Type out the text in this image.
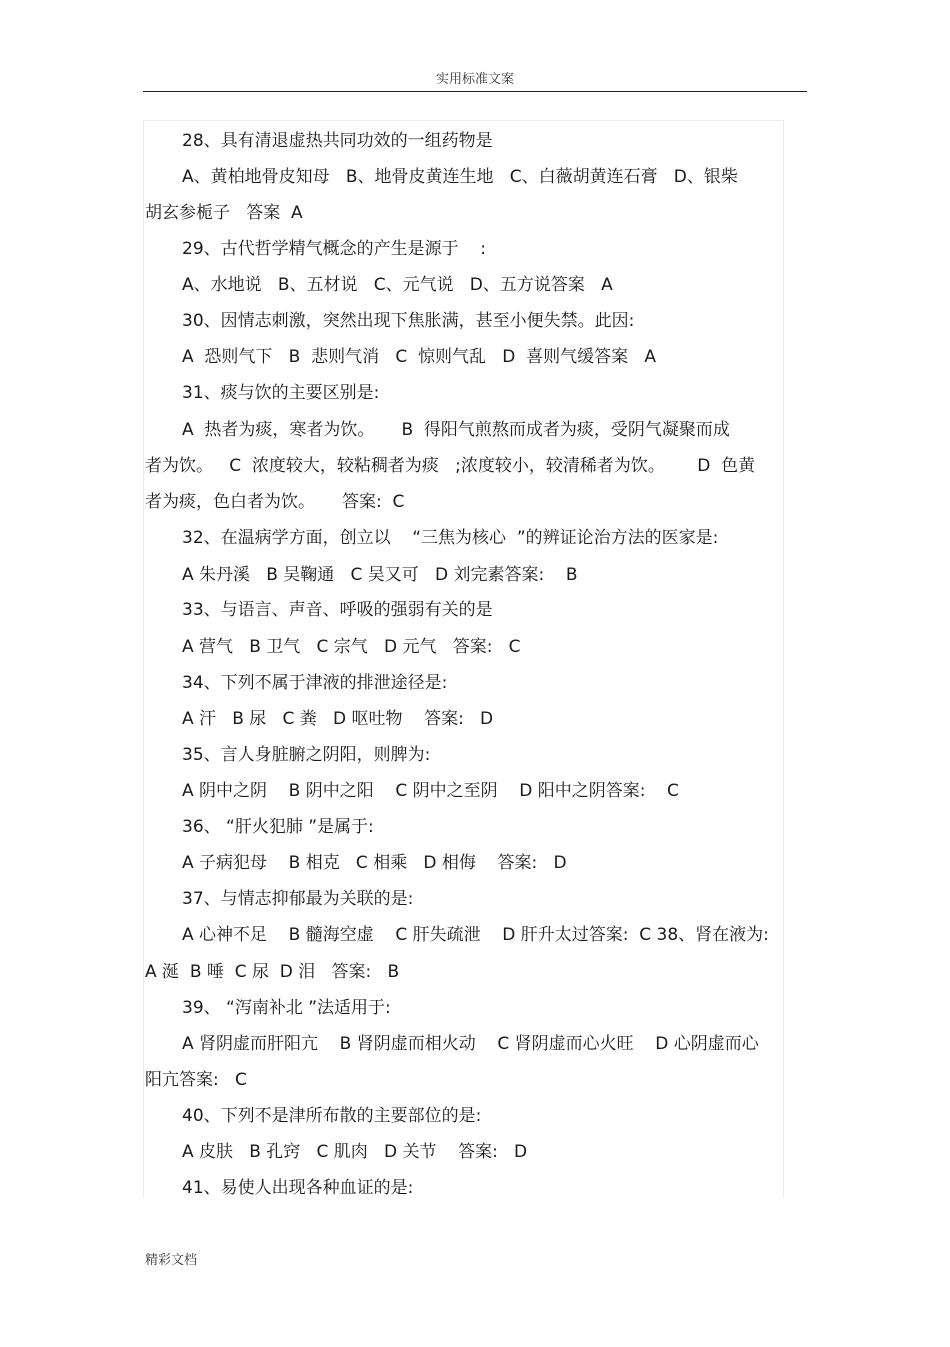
实用标准文案
28、具有清退虚热共同功效的一组药物是
A、黄柏地骨皮知母   B、地骨皮黄连生地   C、白薇胡黄连石膏   D、银柴
胡玄参栀子   答案  A
29、古代哲学精气概念的产生是源于    :
A、水地说   B、五材说   C、元气说   D、五方说答案   A
30、因情志刺激，突然出现下焦胀满，甚至小便失禁。此因:
A  恐则气下   B  悲则气消   C  惊则气乱   D  喜则气缓答案   A
31、痰与饮的主要区别是:
A  热者为痰，寒者为饮。     B  得阳气煎熬而成者为痰，受阴气凝聚而成
者为饮。   C  浓度较大，较粘稠者为痰   ;浓度较小，较清稀者为饮。      D  色黄
者为痰，色白者为饮。     答案:  C
32、在温病学方面，创立以    “三焦为核心  ”的辨证论治方法的医家是:
A 朱丹溪   B 吴鞠通   C 吴又可   D 刘完素答案:    B
33、与语言、声音、呼吸的强弱有关的是
A 营气   B 卫气   C 宗气   D 元气   答案:   C
34、下列不属于津液的排泄途径是:
A 汗   B 尿   C 粪   D 呕吐物    答案:   D
35、言人身脏腑之阴阳，则脾为:
A 阴中之阴    B 阴中之阳    C 阴中之至阴    D 阳中之阴答案:    C
36、 “肝火犯肺 ”是属于:
A 子病犯母    B 相克   C 相乘   D 相侮    答案:   D
37、与情志抑郁最为关联的是:
A 心神不足    B 髓海空虚    C 肝失疏泄    D 肝升太过答案:  C 38、肾在液为:
A 涎  B 唾  C 尿  D 泪   答案:   B
39、 “泻南补北 ”法适用于:
A 肾阴虚而肝阳亢    B 肾阴虚而相火动    C 肾阴虚而心火旺    D 心阴虚而心
阳亢答案:   C
40、下列不是津所布散的主要部位的是:
A 皮肤   B 孔窍   C 肌肉   D 关节    答案:   D
41、易使人出现各种血证的是:
精彩文档
